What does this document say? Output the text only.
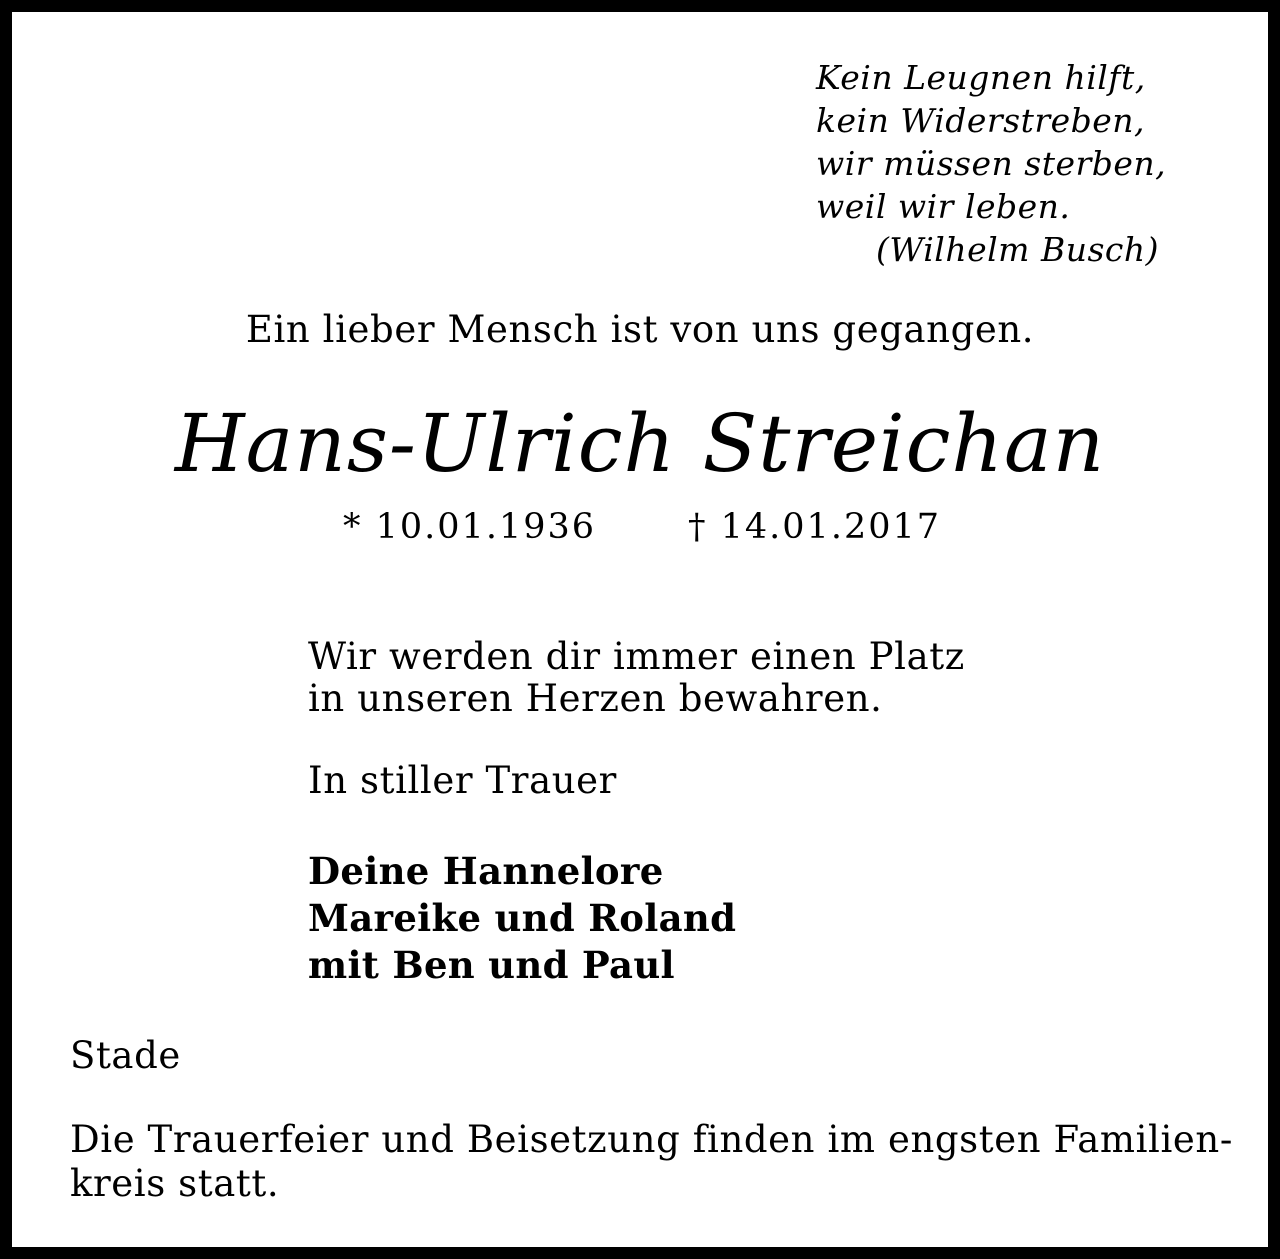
Kein Leugnen hilft,
kein Widerstreben,
wir müssen sterben,
weil wir leben.
(Wilhelm Busch)
Ein lieber Mensch ist von uns gegangen.
Hans-Ulrich Streichan
* 10.01.1936	† 14.01.2017
Wir werden dir immer einen Platz
in unseren Herzen bewahren.
In stiller Trauer
Deine Hannelore
Mareike und Roland
mit Ben und Paul
Stade
Die Trauerfeier und Beisetzung finden im engsten Familien-
kreis statt.
